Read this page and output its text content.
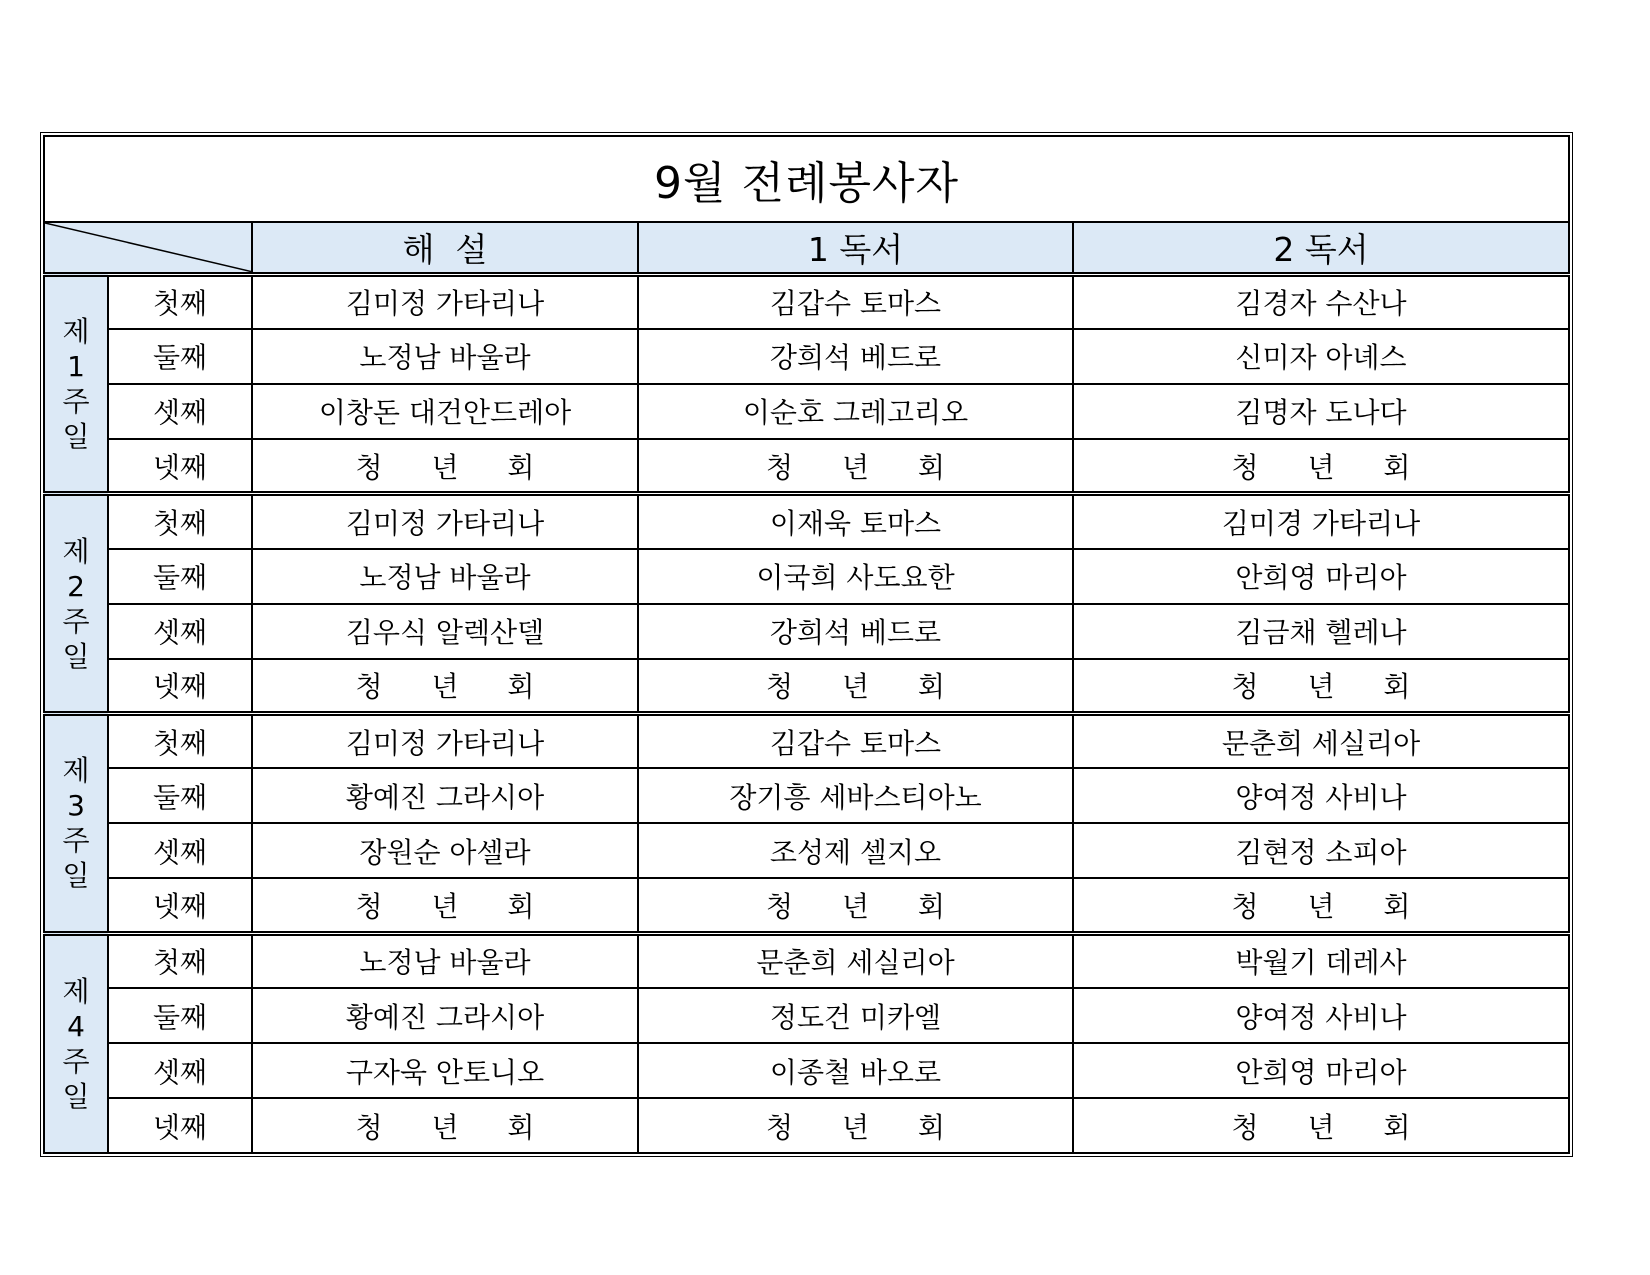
9월 전례봉사자				

	해  설	1 독서	2 독서

제
1
주
일	첫째	김미정 가타리나	김갑수 토마스	김경자 수산나
	둘째	노정남 바울라	강희석 베드로	신미자 아녜스
	셋째	이창돈 대건안드레아	이순호 그레고리오	김명자 도나다
	넷째	청 년 회	청 년 회	청 년 회

제
2
주
일	첫째	김미정 가타리나	이재욱 토마스	김미경 가타리나
	둘째	노정남 바울라	이국희 사도요한	안희영 마리아
	셋째	김우식 알렉산델	강희석 베드로	김금채 헬레나
	넷째	청 년 회	청 년 회	청 년 회

제
3
주
일	첫째	김미정 가타리나	김갑수 토마스	문춘희 세실리아
	둘째	황예진 그라시아	장기흥 세바스티아노	양여정 사비나
	셋째	장원순 아셀라	조성제 셀지오	김현정 소피아
	넷째	청 년 회	청 년 회	청 년 회

제
4
주
일	첫째	노정남 바울라	문춘희 세실리아	박월기 데레사
	둘째	황예진 그라시아	정도건 미카엘	양여정 사비나
	셋째	구자욱 안토니오	이종철 바오로	안희영 마리아
	넷째	청 년 회	청 년 회	청 년 회
